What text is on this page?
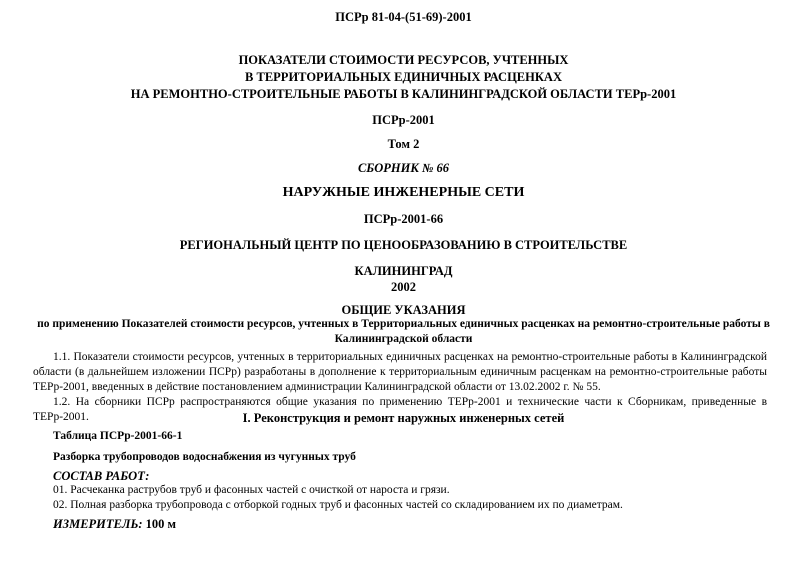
ПСРр 81-04-(51-69)-2001
ПОКАЗАТЕЛИ СТОИМОСТИ РЕСУРСОВ, УЧТЕННЫХ
В ТЕРРИТОРИАЛЬНЫХ ЕДИНИЧНЫХ РАСЦЕНКАХ
НА РЕМОНТНО-СТРОИТЕЛЬНЫЕ РАБОТЫ В КАЛИНИНГРАДСКОЙ ОБЛАСТИ ТЕРр-2001
ПСРр-2001
Том 2
СБОРНИК № 66
НАРУЖНЫЕ ИНЖЕНЕРНЫЕ СЕТИ
ПСРр-2001-66
РЕГИОНАЛЬНЫЙ ЦЕНТР ПО ЦЕНООБРАЗОВАНИЮ В СТРОИТЕЛЬСТВЕ
КАЛИНИНГРАД
2002
ОБЩИЕ УКАЗАНИЯ
по применению Показателей стоимости ресурсов, учтенных в Территориальных единичных расценках на ремонтно-строительные работы в
Калининградской области
1.1. Показатели стоимости ресурсов, учтенных в территориальных единичных расценках на ремонтно-строительные работы в Калининградской области (в дальнейшем изложении ПСРр) разработаны в дополнение к территориальным единичным расценкам на ремонтно-строительные работы ТЕРр-2001, введенных в действие постановлением администрации Калининградской области от 13.02.2002 г. № 55.
1.2. На сборники ПСРр распространяются общие указания по применению ТЕРр-2001 и технические части к Сборникам, приведенные в ТЕРр-2001.	I. Реконструкция и ремонт наружных инженерных сетей
Таблица ПСРр-2001-66-1
Разборка трубопроводов водоснабжения из чугунных труб
СОСТАВ РАБОТ:
01. Расчеканка раструбов труб и фасонных частей с очисткой от нароста и грязи.
02. Полная разборка трубопровода с отборкой годных труб и фасонных частей со складированием их по диаметрам.
ИЗМЕРИТЕЛЬ: 100 м
